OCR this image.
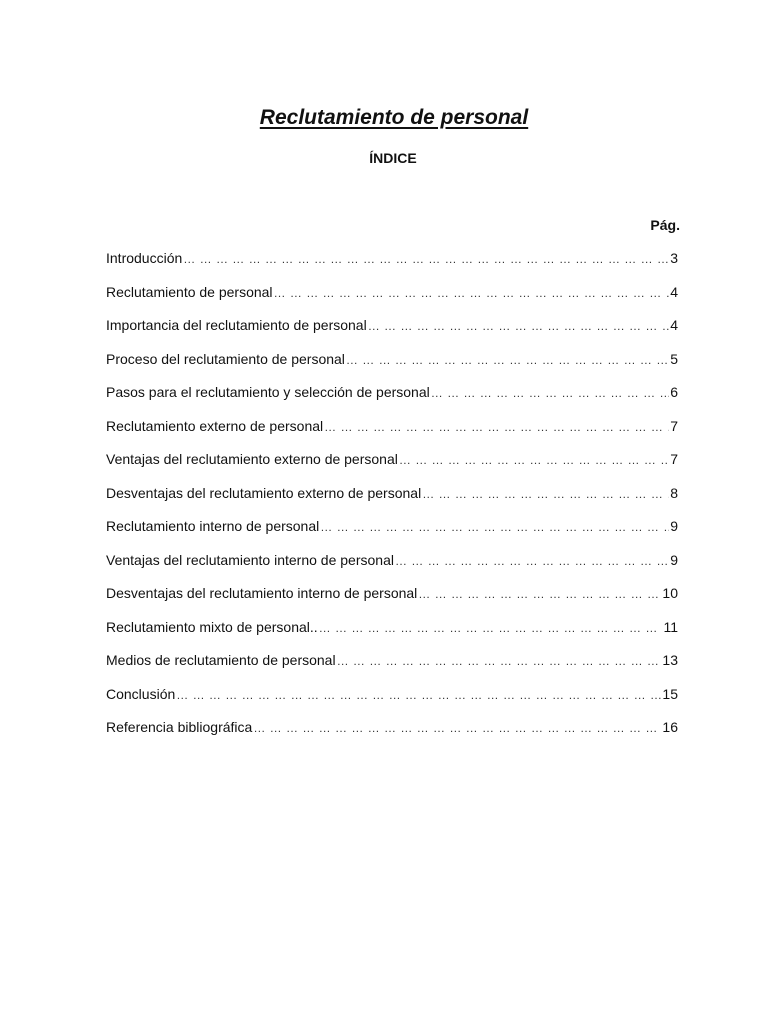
Reclutamiento de personal
ÍNDICE
Pág.
Introducción … … … … … … … … … … … … … … … … … … … … … … … … … … … … … … … … … … … … … … … … … … … … … … … … … … … … … … … … …	3
Reclutamiento de personal … … … … … … … … … … … … … … … … … … … … … … … … … … … … … … … … … … … … … … … … … … … … … … … … … … … … … … … … …	4
Importancia del reclutamiento de personal … … … … … … … … … … … … … … … … … … … … … … … … … … … … … … … … … … … … … … … … … … … … … … … … … … … … … … … … …	4
Proceso del reclutamiento de personal … … … … … … … … … … … … … … … … … … … … … … … … … … … … … … … … … … … … … … … … … … … … … … … … … … … … … … … … …	5
Pasos para el reclutamiento y selección de personal … … … … … … … … … … … … … … … … … … … … … … … … … … … … … … … … … … … … … … … … … … … … … … … … … … … … … … … … …	6
Reclutamiento externo de personal … … … … … … … … … … … … … … … … … … … … … … … … … … … … … … … … … … … … … … … … … … … … … … … … … … … … … … … … …	7
Ventajas del reclutamiento externo de personal … … … … … … … … … … … … … … … … … … … … … … … … … … … … … … … … … … … … … … … … … … … … … … … … … … … … … … … … …	7
Desventajas del reclutamiento externo de personal … … … … … … … … … … … … … … … … … … … … … … … … … … … … … … … … … … … … … … … … … … … … … … … … … … … … … … … … …	8
Reclutamiento interno de personal … … … … … … … … … … … … … … … … … … … … … … … … … … … … … … … … … … … … … … … … … … … … … … … … … … … … … … … … …	9
Ventajas del reclutamiento interno de personal … … … … … … … … … … … … … … … … … … … … … … … … … … … … … … … … … … … … … … … … … … … … … … … … … … … … … … … … …	9
Desventajas del reclutamiento interno de personal … … … … … … … … … … … … … … … … … … … … … … … … … … … … … … … … … … … … … … … … … … … … … … … … … … … … … … … … …	10
Reclutamiento mixto de personal.. … … … … … … … … … … … … … … … … … … … … … … … … … … … … … … … … … … … … … … … … … … … … … … … … … … … … … … … … …	11
Medios de reclutamiento de personal … … … … … … … … … … … … … … … … … … … … … … … … … … … … … … … … … … … … … … … … … … … … … … … … … … … … … … … … …	13
Conclusión … … … … … … … … … … … … … … … … … … … … … … … … … … … … … … … … … … … … … … … … … … … … … … … … … … … … … … … … …	15
Referencia bibliográfica … … … … … … … … … … … … … … … … … … … … … … … … … … … … … … … … … … … … … … … … … … … … … … … … … … … … … … … … …	16
